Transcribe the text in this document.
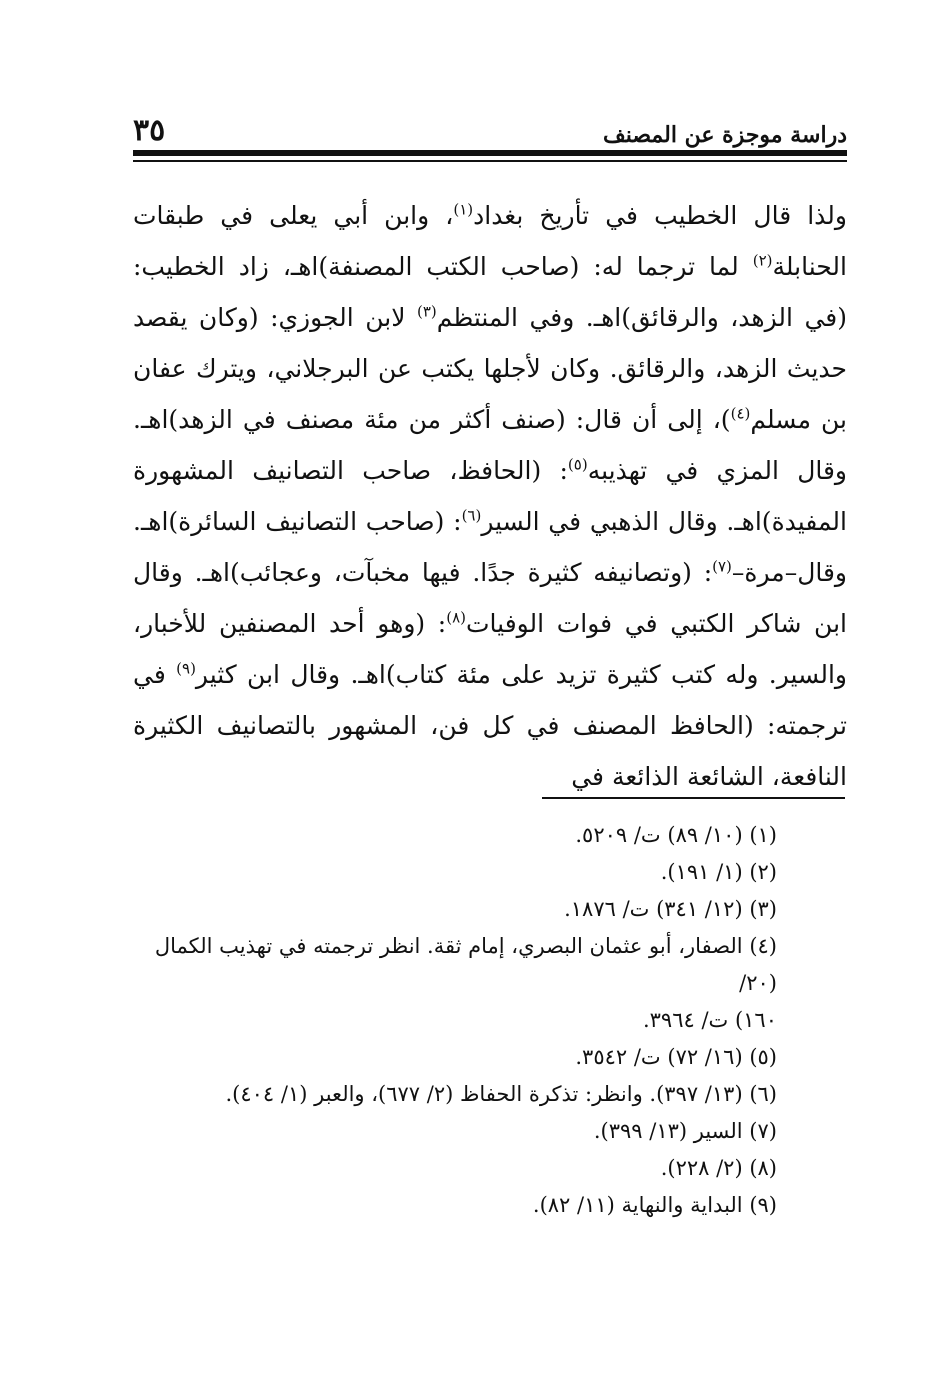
دراسة موجزة عن المصنف
٣٥

ولذا قال الخطيب في تأريخ بغداد$^{(١)}$، وابن أبي يعلى في طبقات الحنابلة$^{(٢)}$ لما ترجما له: (صاحب الكتب المصنفة)اهـ، زاد الخطيب: (في الزهد، والرقائق)اهـ. وفي المنتظم$^{(٣)}$ لابن الجوزي: (وكان يقصد حديث الزهد، والرقائق. وكان لأجلها يكتب عن البرجلاني، ويترك عفان بن مسلم$^{(٤)}$)، إلى أن قال: (صنف أكثر من مئة مصنف في الزهد)اهـ. وقال المزي في تهذيبه$^{(٥)}$: (الحافظ، صاحب التصانيف المشهورة المفيدة)اهـ. وقال الذهبي في السير$^{(٦)}$: (صاحب التصانيف السائرة)اهـ. وقال–مرة–$^{(٧)}$: (وتصانيفه كثيرة جدًا. فيها مخبآت، وعجائب)اهـ. وقال ابن شاكر الكتبي في فوات الوفيات$^{(٨)}$: (وهو أحد المصنفين للأخبار، والسير. وله كتب كثيرة تزيد على مئة كتاب)اهـ. وقال ابن كثير$^{(٩)}$ في ترجمته: (الحافظ المصنف في كل فن، المشهور بالتصانيف الكثيرة النافعة، الشائعة الذائعة في

(١) (١٠/ ٨٩) ت/ ٥٢٠٩.
(٢) (١/ ١٩١).
(٣) (١٢/ ٣٤١) ت/ ١٨٧٦.
(٤) الصفار، أبو عثمان البصري، إمام ثقة. انظر ترجمته في تهذيب الكمال (٢٠/
١٦٠) ت/ ٣٩٦٤.
(٥) (١٦/ ٧٢) ت/ ٣٥٤٢.
(٦) (١٣/ ٣٩٧). وانظر: تذكرة الحفاظ (٢/ ٦٧٧)، والعبر (١/ ٤٠٤).
(٧) السير (١٣/ ٣٩٩).
(٨) (٢/ ٢٢٨).
(٩) البداية والنهاية (١١/ ٨٢).
